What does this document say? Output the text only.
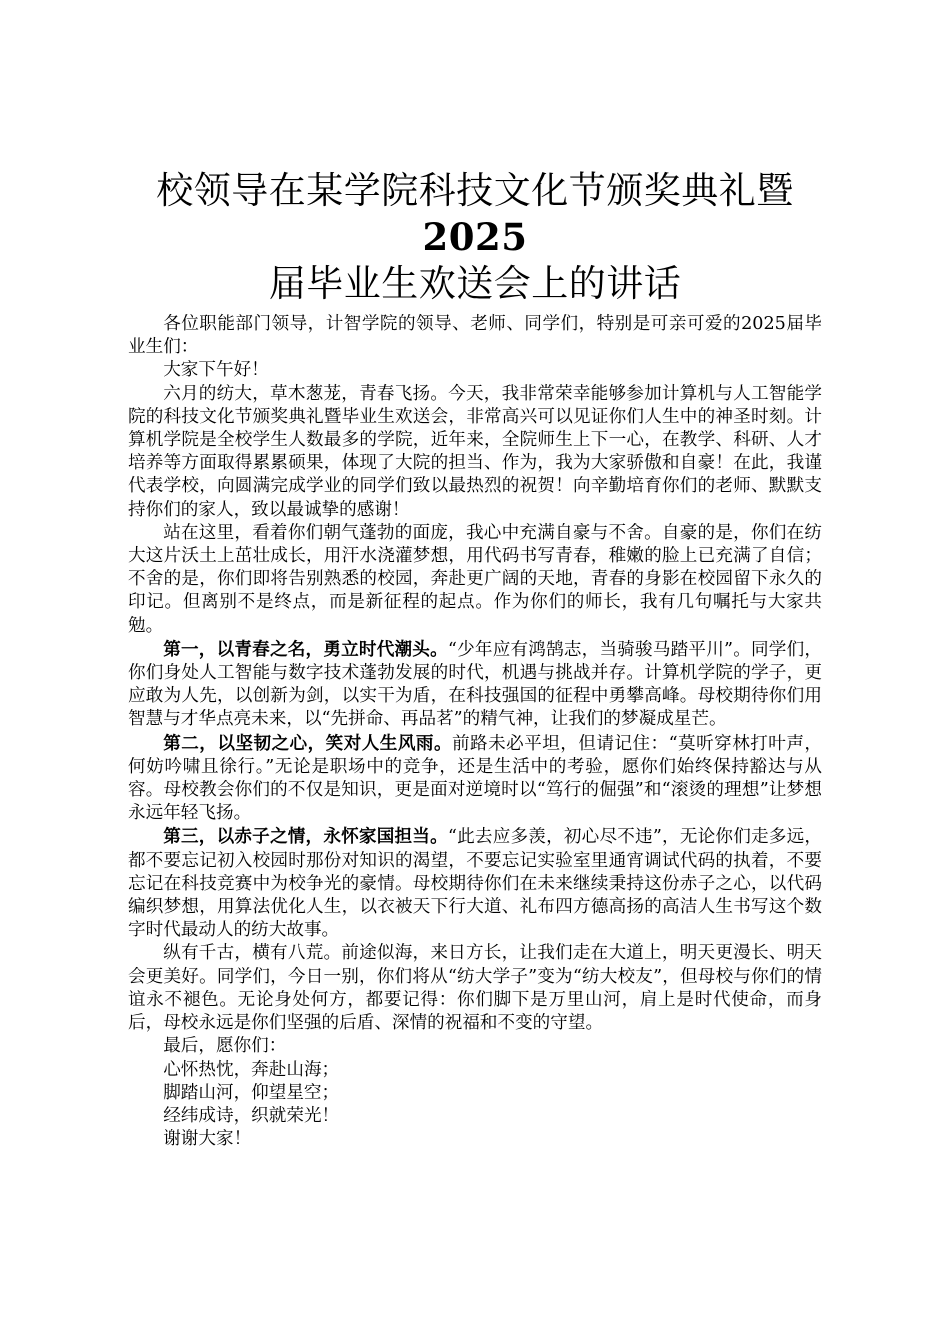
校领导在某学院科技文化节颁奖典礼暨2025
届毕业生欢送会上的讲话

各位职能部门领导，计智学院的领导、老师、同学们，特别是可亲可爱的2025届毕业生们：

大家下午好！

六月的纺大，草木葱茏，青春飞扬。今天，我非常荣幸能够参加计算机与人工智能学院的科技文化节颁奖典礼暨毕业生欢送会，非常高兴可以见证你们人生中的神圣时刻。计算机学院是全校学生人数最多的学院，近年来，全院师生上下一心，在教学、科研、人才培养等方面取得累累硕果，体现了大院的担当、作为，我为大家骄傲和自豪！在此，我谨代表学校，向圆满完成学业的同学们致以最热烈的祝贺！向辛勤培育你们的老师、默默支持你们的家人，致以最诚挚的感谢！

站在这里，看着你们朝气蓬勃的面庞，我心中充满自豪与不舍。自豪的是，你们在纺大这片沃土上茁壮成长，用汗水浇灌梦想，用代码书写青春，稚嫩的脸上已充满了自信；不舍的是，你们即将告别熟悉的校园，奔赴更广阔的天地，青春的身影在校园留下永久的印记。但离别不是终点，而是新征程的起点。作为你们的师长，我有几句嘱托与大家共勉。

第一，以青春之名，勇立时代潮头。“少年应有鸿鹄志，当骑骏马踏平川”。同学们，你们身处人工智能与数字技术蓬勃发展的时代，机遇与挑战并存。计算机学院的学子，更应敢为人先，以创新为剑，以实干为盾，在科技强国的征程中勇攀高峰。母校期待你们用智慧与才华点亮未来，以“先拼命、再品茗”的精气神，让我们的梦凝成星芒。

第二，以坚韧之心，笑对人生风雨。前路未必平坦，但请记住：“莫听穿林打叶声，何妨吟啸且徐行。”无论是职场中的竞争，还是生活中的考验，愿你们始终保持豁达与从容。母校教会你们的不仅是知识，更是面对逆境时以“笃行的倔强”和“滚烫的理想”让梦想永远年轻飞扬。

第三，以赤子之情，永怀家国担当。“此去应多羡，初心尽不违”，无论你们走多远，都不要忘记初入校园时那份对知识的渴望，不要忘记实验室里通宵调试代码的执着，不要忘记在科技竞赛中为校争光的豪情。母校期待你们在未来继续秉持这份赤子之心，以代码编织梦想，用算法优化人生，以衣被天下行大道、礼布四方德高扬的高洁人生书写这个数字时代最动人的纺大故事。

纵有千古，横有八荒。前途似海，来日方长，让我们走在大道上，明天更漫长、明天会更美好。同学们，今日一别，你们将从“纺大学子”变为“纺大校友”，但母校与你们的情谊永不褪色。无论身处何方，都要记得：你们脚下是万里山河，肩上是时代使命，而身后，母校永远是你们坚强的后盾、深情的祝福和不变的守望。

最后，愿你们：

心怀热忱，奔赴山海；

脚踏山河，仰望星空；

经纬成诗，织就荣光！

谢谢大家！
